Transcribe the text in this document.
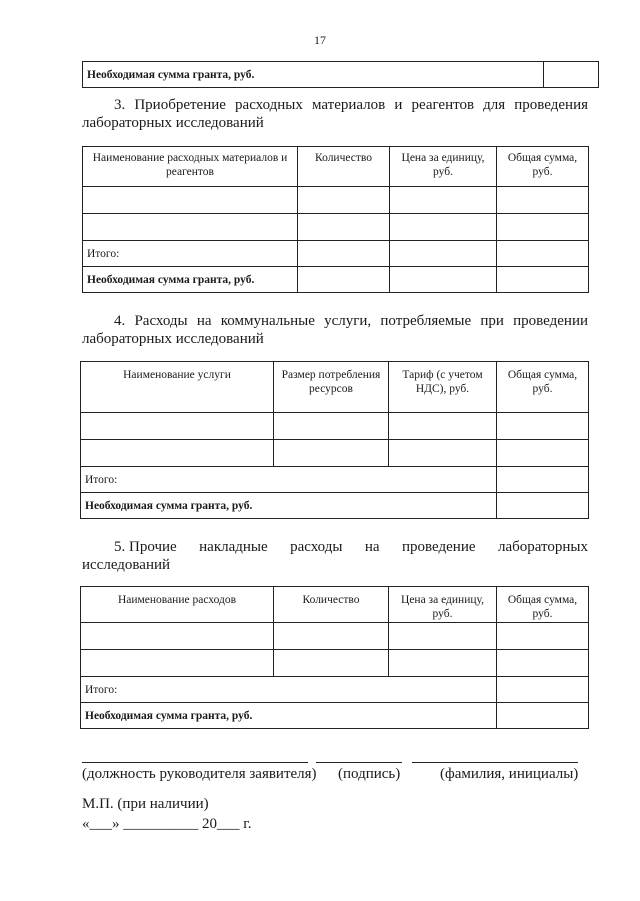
17
Необходимая сумма гранта, руб.	
3. Приобретение расходных материалов и реагентов для проведения
лабораторных исследований
Наименование расходных материалов и реагентов	Количество	Цена за единицу, руб.	Общая сумма, руб.

Итого:			
Необходимая сумма гранта, руб.			
4. Расходы на коммунальные услуги, потребляемые при проведении
лабораторных исследований
Наименование услуги	Размер потребления ресурсов	Тариф (с учетом НДС), руб.	Общая сумма, руб.

Итого:			
Необходимая сумма гранта, руб.			
5. Прочие накладные расходы на проведение лабораторных
исследований
Наименование расходов	Количество	Цена за единицу, руб.	Общая сумма, руб.

Итого:			
Необходимая сумма гранта, руб.			
(должность руководителя заявителя) (подпись)	(фамилия, инициалы)
М.П. (при наличии)
«___» __________ 20___ г.
